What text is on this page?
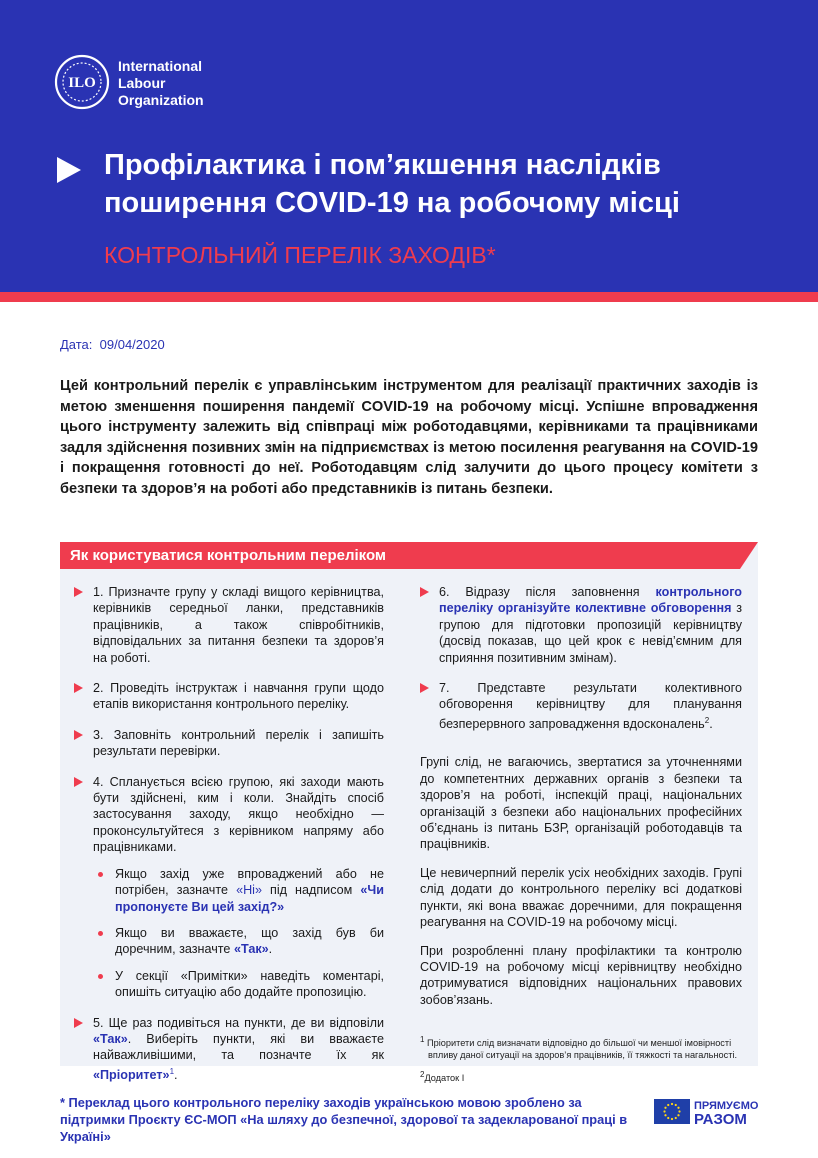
ILO
International
Labour
Organization
Профілактика і пом’якшення наслідків поширення COVID-19 на робочому місці
КОНТРОЛЬНИЙ ПЕРЕЛІК ЗАХОДІВ*
Дата: 09/04/2020
Цей контрольний перелік є управлінським інструментом для реалізації практичних заходів із метою зменшення поширення пандемії COVID-19 на робочому місці. Успішне впровадження цього інструменту залежить від співпраці між роботодавцями, керівниками та працівниками задля здійснення позивних змін на підприємствах із метою посилення реагування на COVID-19 і покращення готовності до неї. Роботодавцям слід залучити до цього процесу комітети з безпеки та здоров’я на роботі або представників із питань безпеки.
Як користуватися контрольним переліком
1. Призначте групу у складі вищого керівництва, керівників середньої ланки, представників працівників, а також співробітників, відповідальних за питання безпеки та здоров’я на роботі.
2. Проведіть інструктаж і навчання групи щодо етапів використання контрольного переліку.
3. Заповніть контрольний перелік і запишіть результати перевірки.
4. Спланується всією групою, які заходи мають бути здійснені, ким і коли. Знайдіть спосіб застосування заходу, якщо необхідно — проконсультуйтеся з керівником напряму або працівниками.
Якщо захід уже впроваджений або не потрібен, зазначте «Ні» під надписом «Чи пропонуєте Ви цей захід?»
Якщо ви вважаєте, що захід був би доречним, зазначте «Так».
У секції «Примітки» наведіть коментарі, опишіть ситуацію або додайте пропозицію.
5. Ще раз подивіться на пункти, де ви відповіли «Так». Виберіть пункти, які ви вважаєте найважливішими, та позначте їх як «Пріоритет»$^1$.
6. Відразу після заповнення контрольного переліку організуйте колективне обговорення з групою для підготовки пропозицій керівництву (досвід показав, що цей крок є невід’ємним для сприяння позитивним змінам).
7. Представте результати колективного обговорення керівництву для планування безперервного запровадження вдосконалень$^2$.

Групі слід, не вагаючись, звертатися за уточненнями до компетентних державних органів з безпеки та здоров’я на роботі, інспекцій праці, національних організацій з безпеки або національних професійних об’єднань із питань БЗР, організацій роботодавців та працівників.

Це невичерпний перелік усіх необхідних заходів. Групі слід додати до контрольного переліку всі додаткові пункти, які вона вважає доречними, для покращення реагування на COVID-19 на робочому місці.

При розробленні плану профілактики та контролю COVID-19 на робочому місці керівництву необхідно дотримуватися відповідних національних правових зобов’язань.

$^1$ Пріоритети слід визначати відповідно до більшої чи меншої імовірності впливу даної ситуації на здоров’я працівників, її тяжкості та нагальності.
$^2$Додаток I
* Переклад цього контрольного переліку заходів українською мовою зроблено за підтримки Проєкту ЄС-МОП «На шляху до безпечної, здорової та задекларованої праці в Україні»
ПРЯМУЄМО
РАЗОМ
